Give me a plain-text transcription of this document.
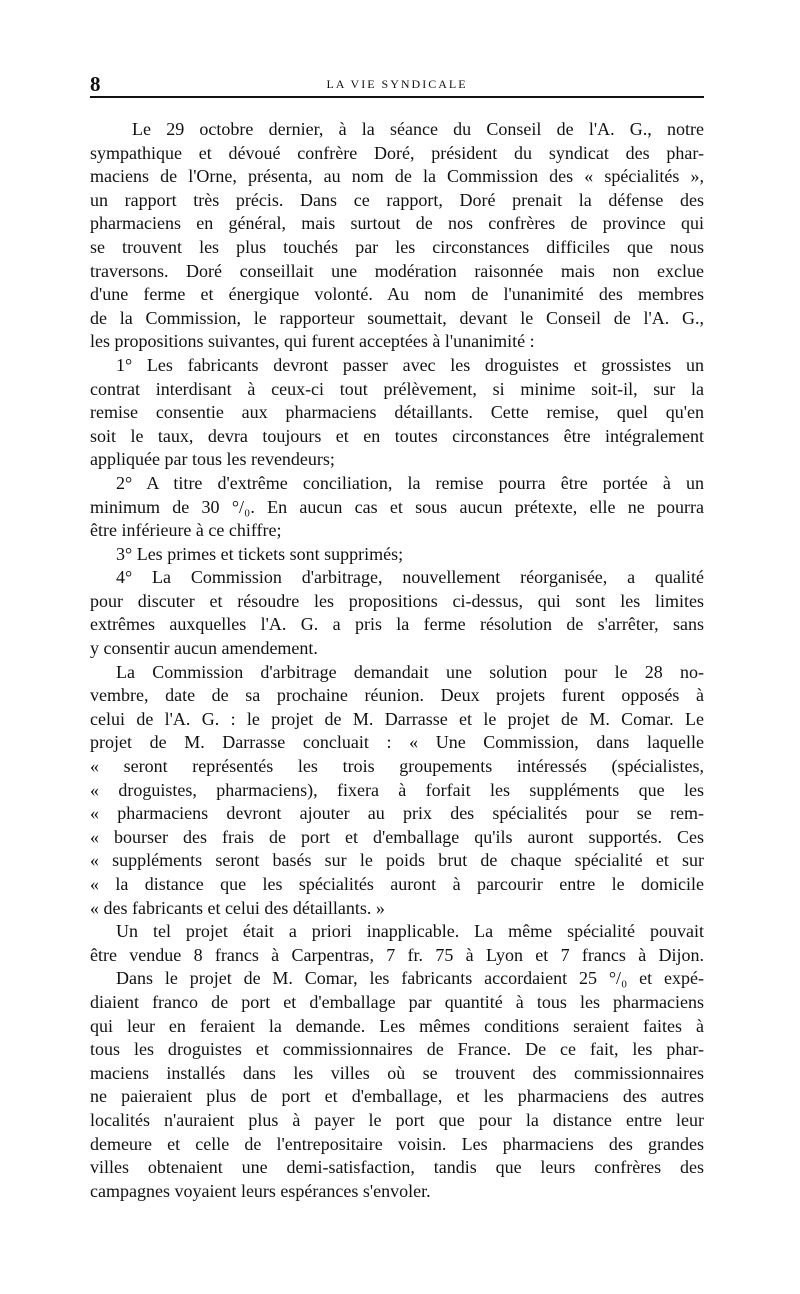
8	LA VIE SYNDICALE
Le 29 octobre dernier, à la séance du Conseil de l'A. G., notre
sympathique et dévoué confrère Doré, président du syndicat des phar-
maciens de l'Orne, présenta, au nom de la Commission des « spécialités »,
un rapport très précis. Dans ce rapport, Doré prenait la défense des
pharmaciens en général, mais surtout de nos confrères de province qui
se trouvent les plus touchés par les circonstances difficiles que nous
traversons. Doré conseillait une modération raisonnée mais non exclue
d'une ferme et énergique volonté. Au nom de l'unanimité des membres
de la Commission, le rapporteur soumettait, devant le Conseil de l'A. G.,
les propositions suivantes, qui furent acceptées à l'unanimité :
1° Les fabricants devront passer avec les droguistes et grossistes un
contrat interdisant à ceux-ci tout prélèvement, si minime soit-il, sur la
remise consentie aux pharmaciens détaillants. Cette remise, quel qu'en
soit le taux, devra toujours et en toutes circonstances être intégralement
appliquée par tous les revendeurs;
2° A titre d'extrême conciliation, la remise pourra être portée à un
minimum de 30 °/₀. En aucun cas et sous aucun prétexte, elle ne pourra
être inférieure à ce chiffre;
3° Les primes et tickets sont supprimés;
4° La Commission d'arbitrage, nouvellement réorganisée, a qualité
pour discuter et résoudre les propositions ci-dessus, qui sont les limites
extrêmes auxquelles l'A. G. a pris la ferme résolution de s'arrêter, sans
y consentir aucun amendement.
La Commission d'arbitrage demandait une solution pour le 28 no-
vembre, date de sa prochaine réunion. Deux projets furent opposés à
celui de l'A. G. : le projet de M. Darrasse et le projet de M. Comar. Le
projet de M. Darrasse concluait : « Une Commission, dans laquelle
« seront représentés les trois groupements intéressés (spécialistes,
« droguistes, pharmaciens), fixera à forfait les suppléments que les
« pharmaciens devront ajouter au prix des spécialités pour se rem-
« bourser des frais de port et d'emballage qu'ils auront supportés. Ces
« suppléments seront basés sur le poids brut de chaque spécialité et sur
« la distance que les spécialités auront à parcourir entre le domicile
« des fabricants et celui des détaillants. »
Un tel projet était a priori inapplicable. La même spécialité pouvait
être vendue 8 francs à Carpentras, 7 fr. 75 à Lyon et 7 francs à Dijon.
Dans le projet de M. Comar, les fabricants accordaient 25 °/₀ et expé-
diaient franco de port et d'emballage par quantité à tous les pharmaciens
qui leur en feraient la demande. Les mêmes conditions seraient faites à
tous les droguistes et commissionnaires de France. De ce fait, les phar-
maciens installés dans les villes où se trouvent des commissionnaires
ne paieraient plus de port et d'emballage, et les pharmaciens des autres
localités n'auraient plus à payer le port que pour la distance entre leur
demeure et celle de l'entrepositaire voisin. Les pharmaciens des grandes
villes obtenaient une demi-satisfaction, tandis que leurs confrères des
campagnes voyaient leurs espérances s'envoler.
